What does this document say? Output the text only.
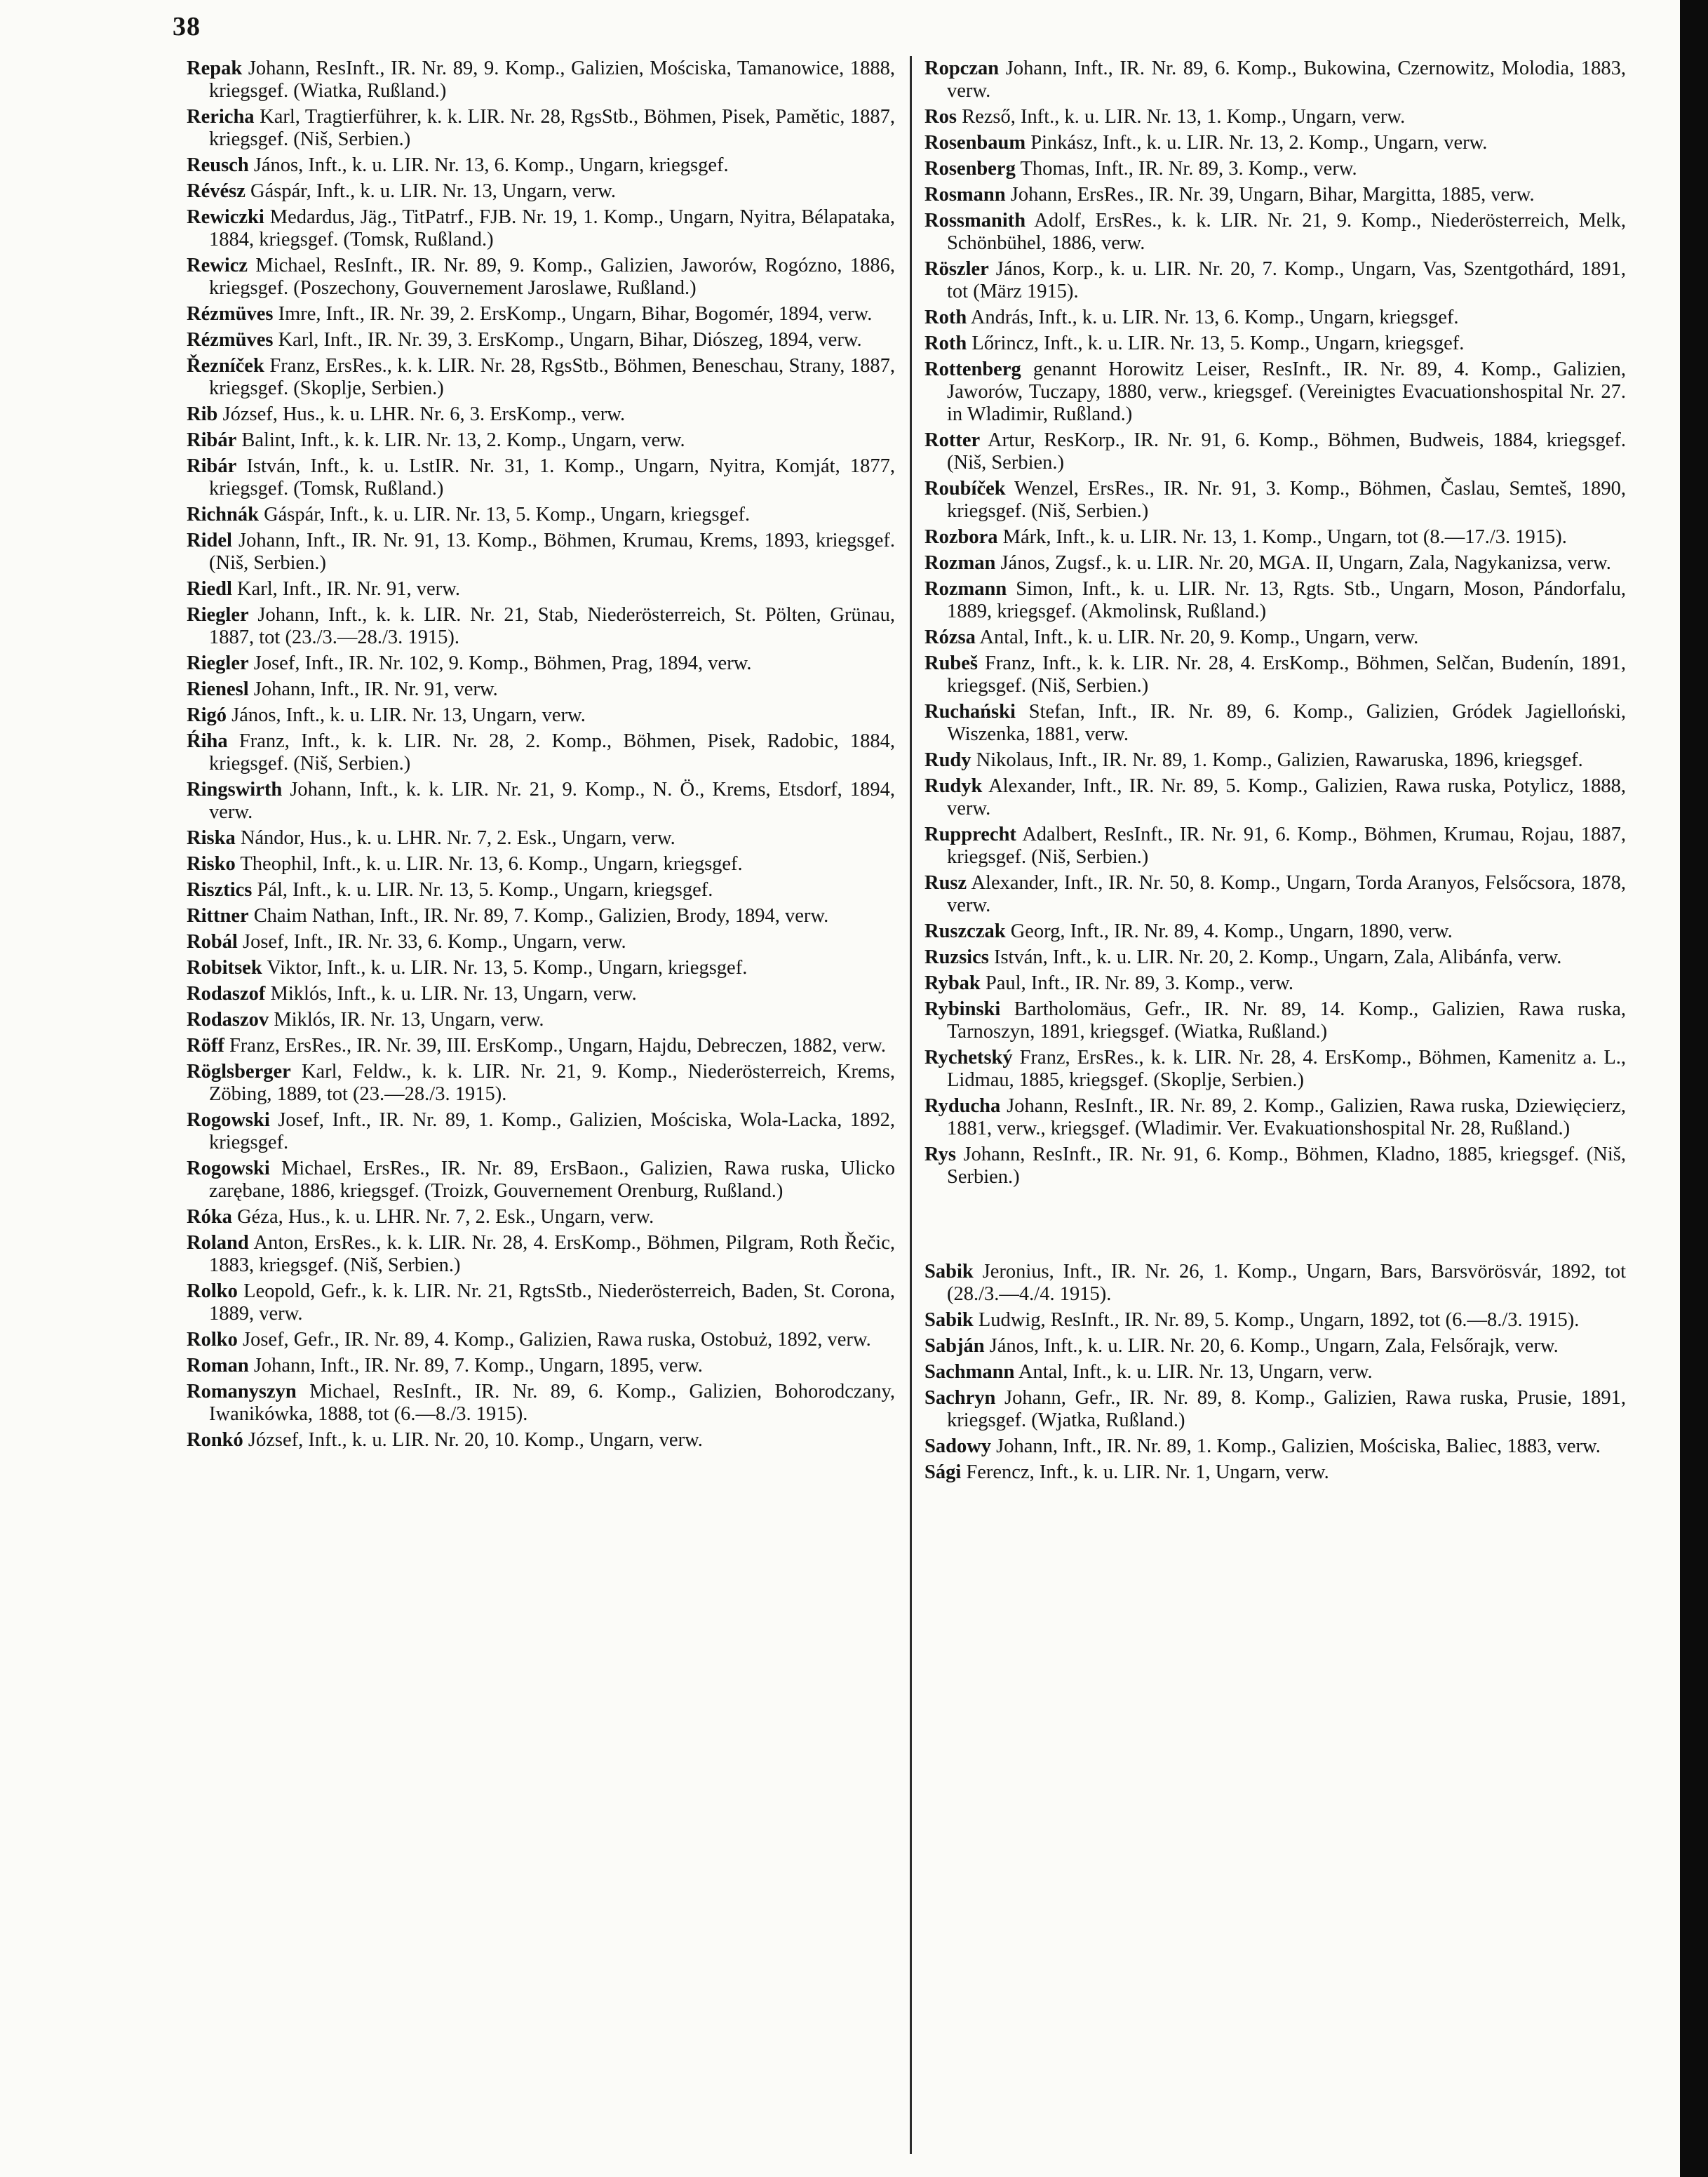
38

Repak Johann, ResInft., IR. Nr. 89, 9. Komp., Galizien, Mościska, Tamanowice, 1888, kriegsgef. (Wiatka, Rußland.)

Rericha Karl, Tragtierführer, k. k. LIR. Nr. 28, RgsStb., Böhmen, Pisek, Pamětic, 1887, kriegsgef. (Niš, Serbien.)

Reusch János, Inft., k. u. LIR. Nr. 13, 6. Komp., Ungarn, kriegsgef.

Révész Gáspár, Inft., k. u. LIR. Nr. 13, Ungarn, verw.

Rewiczki Medardus, Jäg., TitPatrf., FJB. Nr. 19, 1. Komp., Ungarn, Nyitra, Bélapataka, 1884, kriegsgef. (Tomsk, Rußland.)

Rewicz Michael, ResInft., IR. Nr. 89, 9. Komp., Galizien, Jaworów, Rogózno, 1886, kriegsgef. (Poszechony, Gouvernement Jaroslawe, Rußland.)

Rézmüves Imre, Inft., IR. Nr. 39, 2. ErsKomp., Ungarn, Bihar, Bogomér, 1894, verw.

Rézmüves Karl, Inft., IR. Nr. 39, 3. ErsKomp., Ungarn, Bihar, Diószeg, 1894, verw.

Řezníček Franz, ErsRes., k. k. LIR. Nr. 28, RgsStb., Böhmen, Beneschau, Strany, 1887, kriegsgef. (Skoplje, Serbien.)

Rib József, Hus., k. u. LHR. Nr. 6, 3. ErsKomp., verw.

Ribár Balint, Inft., k. k. LIR. Nr. 13, 2. Komp., Ungarn, verw.

Ribár István, Inft., k. u. LstIR. Nr. 31, 1. Komp., Ungarn, Nyitra, Komját, 1877, kriegsgef. (Tomsk, Rußland.)

Richnák Gáspár, Inft., k. u. LIR. Nr. 13, 5. Komp., Ungarn, kriegsgef.

Ridel Johann, Inft., IR. Nr. 91, 13. Komp., Böhmen, Krumau, Krems, 1893, kriegsgef. (Niš, Serbien.)

Riedl Karl, Inft., IR. Nr. 91, verw.

Riegler Johann, Inft., k. k. LIR. Nr. 21, Stab, Niederösterreich, St. Pölten, Grünau, 1887, tot (23./3.—28./3. 1915).

Riegler Josef, Inft., IR. Nr. 102, 9. Komp., Böhmen, Prag, 1894, verw.

Rienesl Johann, Inft., IR. Nr. 91, verw.

Rigó János, Inft., k. u. LIR. Nr. 13, Ungarn, verw.

Ŕiha Franz, Inft., k. k. LIR. Nr. 28, 2. Komp., Böhmen, Pisek, Radobic, 1884, kriegsgef. (Niš, Serbien.)

Ringswirth Johann, Inft., k. k. LIR. Nr. 21, 9. Komp., N. Ö., Krems, Etsdorf, 1894, verw.

Riska Nándor, Hus., k. u. LHR. Nr. 7, 2. Esk., Ungarn, verw.

Risko Theophil, Inft., k. u. LIR. Nr. 13, 6. Komp., Ungarn, kriegsgef.

Risztics Pál, Inft., k. u. LIR. Nr. 13, 5. Komp., Ungarn, kriegsgef.

Rittner Chaim Nathan, Inft., IR. Nr. 89, 7. Komp., Galizien, Brody, 1894, verw.

Robál Josef, Inft., IR. Nr. 33, 6. Komp., Ungarn, verw.

Robitsek Viktor, Inft., k. u. LIR. Nr. 13, 5. Komp., Ungarn, kriegsgef.

Rodaszof Miklós, Inft., k. u. LIR. Nr. 13, Ungarn, verw.

Rodaszov Miklós, IR. Nr. 13, Ungarn, verw.

Röff Franz, ErsRes., IR. Nr. 39, III. ErsKomp., Ungarn, Hajdu, Debreczen, 1882, verw.

Röglsberger Karl, Feldw., k. k. LIR. Nr. 21, 9. Komp., Niederösterreich, Krems, Zöbing, 1889, tot (23.—28./3. 1915).

Rogowski Josef, Inft., IR. Nr. 89, 1. Komp., Galizien, Mościska, Wola-Lacka, 1892, kriegsgef.

Rogowski Michael, ErsRes., IR. Nr. 89, ErsBaon., Galizien, Rawa ruska, Ulicko zarębane, 1886, kriegsgef. (Troizk, Gouvernement Orenburg, Rußland.)

Róka Géza, Hus., k. u. LHR. Nr. 7, 2. Esk., Ungarn, verw.

Roland Anton, ErsRes., k. k. LIR. Nr. 28, 4. ErsKomp., Böhmen, Pilgram, Roth Řečic, 1883, kriegsgef. (Niš, Serbien.)

Rolko Leopold, Gefr., k. k. LIR. Nr. 21, RgtsStb., Niederösterreich, Baden, St. Corona, 1889, verw.

Rolko Josef, Gefr., IR. Nr. 89, 4. Komp., Galizien, Rawa ruska, Ostobuż, 1892, verw.

Roman Johann, Inft., IR. Nr. 89, 7. Komp., Ungarn, 1895, verw.

Romanyszyn Michael, ResInft., IR. Nr. 89, 6. Komp., Galizien, Bohorodczany, Iwanikówka, 1888, tot (6.—8./3. 1915).

Ronkó József, Inft., k. u. LIR. Nr. 20, 10. Komp., Ungarn, verw.

Ropczan Johann, Inft., IR. Nr. 89, 6. Komp., Bukowina, Czernowitz, Molodia, 1883, verw.

Ros Rezső, Inft., k. u. LIR. Nr. 13, 1. Komp., Ungarn, verw.

Rosenbaum Pinkász, Inft., k. u. LIR. Nr. 13, 2. Komp., Ungarn, verw.

Rosenberg Thomas, Inft., IR. Nr. 89, 3. Komp., verw.

Rosmann Johann, ErsRes., IR. Nr. 39, Ungarn, Bihar, Margitta, 1885, verw.

Rossmanith Adolf, ErsRes., k. k. LIR. Nr. 21, 9. Komp., Niederösterreich, Melk, Schönbühel, 1886, verw.

Röszler János, Korp., k. u. LIR. Nr. 20, 7. Komp., Ungarn, Vas, Szentgothárd, 1891, tot (März 1915).

Roth András, Inft., k. u. LIR. Nr. 13, 6. Komp., Ungarn, kriegsgef.

Roth Lőrincz, Inft., k. u. LIR. Nr. 13, 5. Komp., Ungarn, kriegsgef.

Rottenberg genannt Horowitz Leiser, ResInft., IR. Nr. 89, 4. Komp., Galizien, Jaworów, Tuczapy, 1880, verw., kriegsgef. (Vereinigtes Evacuationshospital Nr. 27. in Wladimir, Rußland.)

Rotter Artur, ResKorp., IR. Nr. 91, 6. Komp., Böhmen, Budweis, 1884, kriegsgef. (Niš, Serbien.)

Roubíček Wenzel, ErsRes., IR. Nr. 91, 3. Komp., Böhmen, Časlau, Semteš, 1890, kriegsgef. (Niš, Serbien.)

Rozbora Márk, Inft., k. u. LIR. Nr. 13, 1. Komp., Ungarn, tot (8.—17./3. 1915).

Rozman János, Zugsf., k. u. LIR. Nr. 20, MGA. II, Ungarn, Zala, Nagykanizsa, verw.

Rozmann Simon, Inft., k. u. LIR. Nr. 13, Rgts. Stb., Ungarn, Moson, Pándorfalu, 1889, kriegsgef. (Akmolinsk, Rußland.)

Rózsa Antal, Inft., k. u. LIR. Nr. 20, 9. Komp., Ungarn, verw.

Rubeš Franz, Inft., k. k. LIR. Nr. 28, 4. ErsKomp., Böhmen, Selčan, Budenín, 1891, kriegsgef. (Niš, Serbien.)

Ruchański Stefan, Inft., IR. Nr. 89, 6. Komp., Galizien, Gródek Jagielloński, Wiszenka, 1881, verw.

Rudy Nikolaus, Inft., IR. Nr. 89, 1. Komp., Galizien, Rawaruska, 1896, kriegsgef.

Rudyk Alexander, Inft., IR. Nr. 89, 5. Komp., Galizien, Rawa ruska, Potylicz, 1888, verw.

Rupprecht Adalbert, ResInft., IR. Nr. 91, 6. Komp., Böhmen, Krumau, Rojau, 1887, kriegsgef. (Niš, Serbien.)

Rusz Alexander, Inft., IR. Nr. 50, 8. Komp., Ungarn, Torda Aranyos, Felsőcsora, 1878, verw.

Ruszczak Georg, Inft., IR. Nr. 89, 4. Komp., Ungarn, 1890, verw.

Ruzsics István, Inft., k. u. LIR. Nr. 20, 2. Komp., Ungarn, Zala, Alibánfa, verw.

Rybak Paul, Inft., IR. Nr. 89, 3. Komp., verw.

Rybinski Bartholomäus, Gefr., IR. Nr. 89, 14. Komp., Galizien, Rawa ruska, Tarnoszyn, 1891, kriegsgef. (Wiatka, Rußland.)

Rychetský Franz, ErsRes., k. k. LIR. Nr. 28, 4. ErsKomp., Böhmen, Kamenitz a. L., Lidmau, 1885, kriegsgef. (Skoplje, Serbien.)

Ryducha Johann, ResInft., IR. Nr. 89, 2. Komp., Galizien, Rawa ruska, Dziewięcierz, 1881, verw., kriegsgef. (Wladimir. Ver. Evakuationshospital Nr. 28, Rußland.)

Rys Johann, ResInft., IR. Nr. 91, 6. Komp., Böhmen, Kladno, 1885, kriegsgef. (Niš, Serbien.)

Sabik Jeronius, Inft., IR. Nr. 26, 1. Komp., Ungarn, Bars, Barsvörösvár, 1892, tot (28./3.—4./4. 1915).

Sabik Ludwig, ResInft., IR. Nr. 89, 5. Komp., Ungarn, 1892, tot (6.—8./3. 1915).

Sabján János, Inft., k. u. LIR. Nr. 20, 6. Komp., Ungarn, Zala, Felsőrajk, verw.

Sachmann Antal, Inft., k. u. LIR. Nr. 13, Ungarn, verw.

Sachryn Johann, Gefr., IR. Nr. 89, 8. Komp., Galizien, Rawa ruska, Prusie, 1891, kriegsgef. (Wjatka, Rußland.)

Sadowy Johann, Inft., IR. Nr. 89, 1. Komp., Galizien, Mościska, Baliec, 1883, verw.

Sági Ferencz, Inft., k. u. LIR. Nr. 1, Ungarn, verw.
